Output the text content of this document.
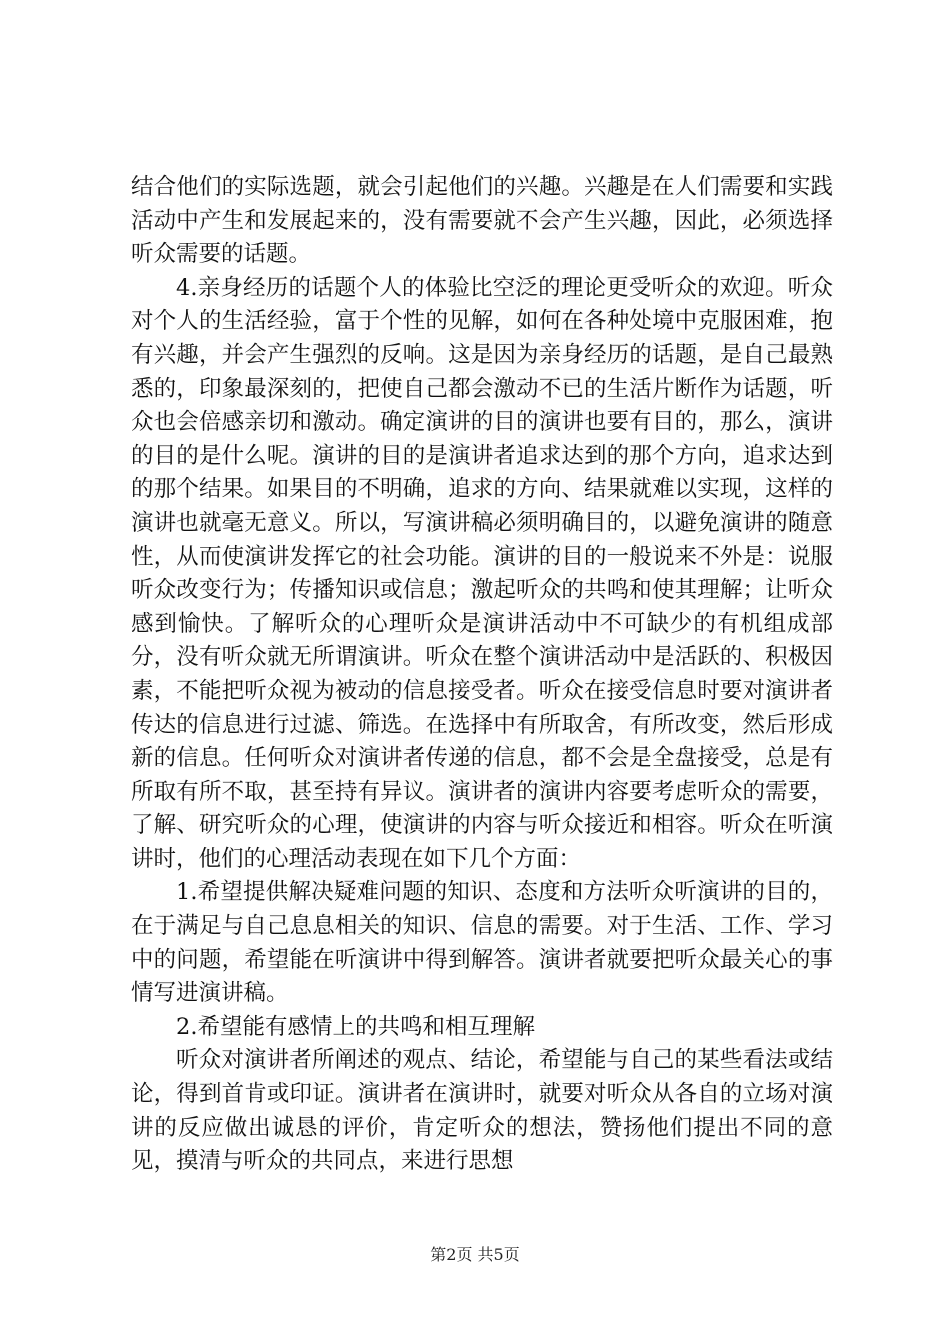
结合他们的实际选题，就会引起他们的兴趣。兴趣是在人们需要和实践活动中产生和发展起来的，没有需要就不会产生兴趣，因此，必须选择听众需要的话题。

4.亲身经历的话题个人的体验比空泛的理论更受听众的欢迎。听众对个人的生活经验，富于个性的见解，如何在各种处境中克服困难，抱有兴趣，并会产生强烈的反响。这是因为亲身经历的话题，是自己最熟悉的，印象最深刻的，把使自己都会激动不已的生活片断作为话题，听众也会倍感亲切和激动。确定演讲的目的演讲也要有目的，那么，演讲的目的是什么呢。演讲的目的是演讲者追求达到的那个方向，追求达到的那个结果。如果目的不明确，追求的方向、结果就难以实现，这样的演讲也就毫无意义。所以，写演讲稿必须明确目的，以避免演讲的随意性，从而使演讲发挥它的社会功能。演讲的目的一般说来不外是：说服听众改变行为；传播知识或信息；激起听众的共鸣和使其理解；让听众感到愉快。了解听众的心理听众是演讲活动中不可缺少的有机组成部分，没有听众就无所谓演讲。听众在整个演讲活动中是活跃的、积极因素，不能把听众视为被动的信息接受者。听众在接受信息时要对演讲者传达的信息进行过滤、筛选。在选择中有所取舍，有所改变，然后形成新的信息。任何听众对演讲者传递的信息，都不会是全盘接受，总是有所取有所不取，甚至持有异议。演讲者的演讲内容要考虑听众的需要，了解、研究听众的心理，使演讲的内容与听众接近和相容。听众在听演讲时，他们的心理活动表现在如下几个方面：

1.希望提供解决疑难问题的知识、态度和方法听众听演讲的目的，在于满足与自己息息相关的知识、信息的需要。对于生活、工作、学习中的问题，希望能在听演讲中得到解答。演讲者就要把听众最关心的事情写进演讲稿。

2.希望能有感情上的共鸣和相互理解

听众对演讲者所阐述的观点、结论，希望能与自己的某些看法或结论，得到首肯或印证。演讲者在演讲时，就要对听众从各自的立场对演讲的反应做出诚恳的评价，肯定听众的想法，赞扬他们提出不同的意见，摸清与听众的共同点，来进行思想

第2页 共5页
